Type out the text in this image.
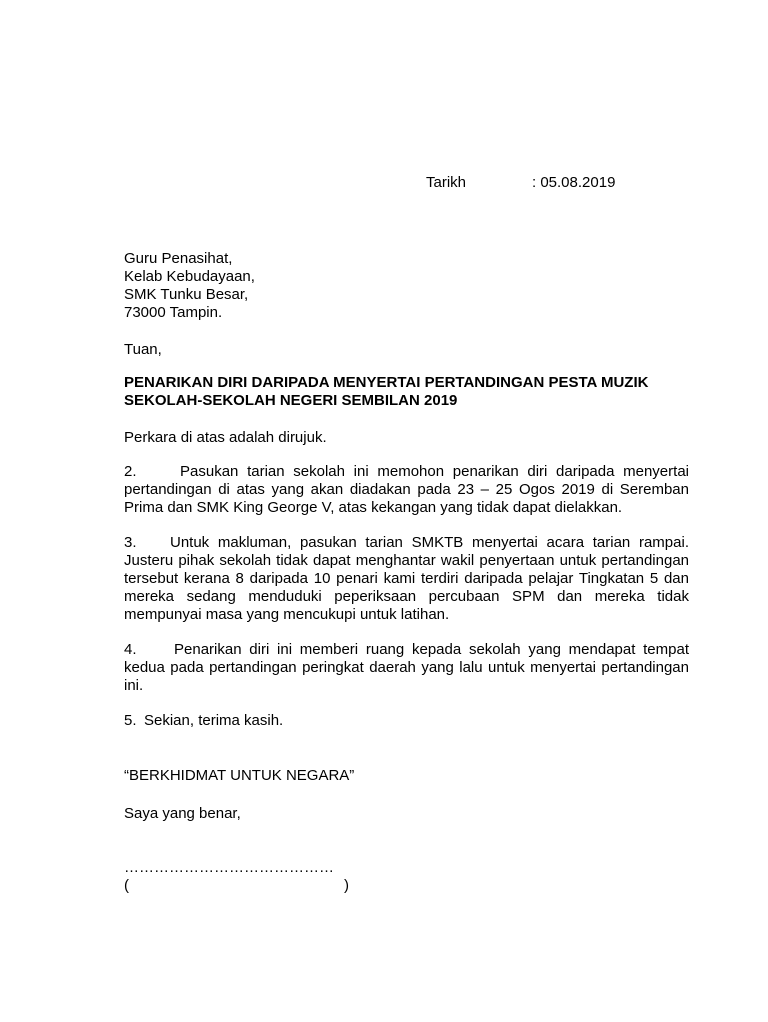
Tarikh	: 05.08.2019
Guru Penasihat,
Kelab Kebudayaan,
SMK Tunku Besar,
73000 Tampin.
Tuan,
PENARIKAN DIRI DARIPADA MENYERTAI PERTANDINGAN PESTA MUZIK SEKOLAH-SEKOLAH NEGERI SEMBILAN 2019
Perkara di atas adalah dirujuk.
2.	Pasukan tarian sekolah ini memohon penarikan diri daripada menyertai pertandingan di atas yang akan diadakan pada 23 – 25 Ogos 2019 di Seremban Prima dan SMK King George V, atas kekangan yang tidak dapat dielakkan.
3. Untuk makluman, pasukan tarian SMKTB menyertai acara tarian rampai. Justeru pihak sekolah tidak dapat menghantar wakil penyertaan untuk pertandingan tersebut kerana 8 daripada 10 penari kami terdiri daripada pelajar Tingkatan 5 dan mereka sedang menduduki peperiksaan percubaan SPM dan mereka tidak mempunyai masa yang mencukupi untuk latihan.
4. Penarikan diri ini memberi ruang kepada sekolah yang mendapat tempat kedua pada pertandingan peringkat daerah yang lalu untuk menyertai pertandingan ini.
5. Sekian, terima kasih.
“BERKHIDMAT UNTUK NEGARA”
Saya yang benar,
……………………………………
(	)
